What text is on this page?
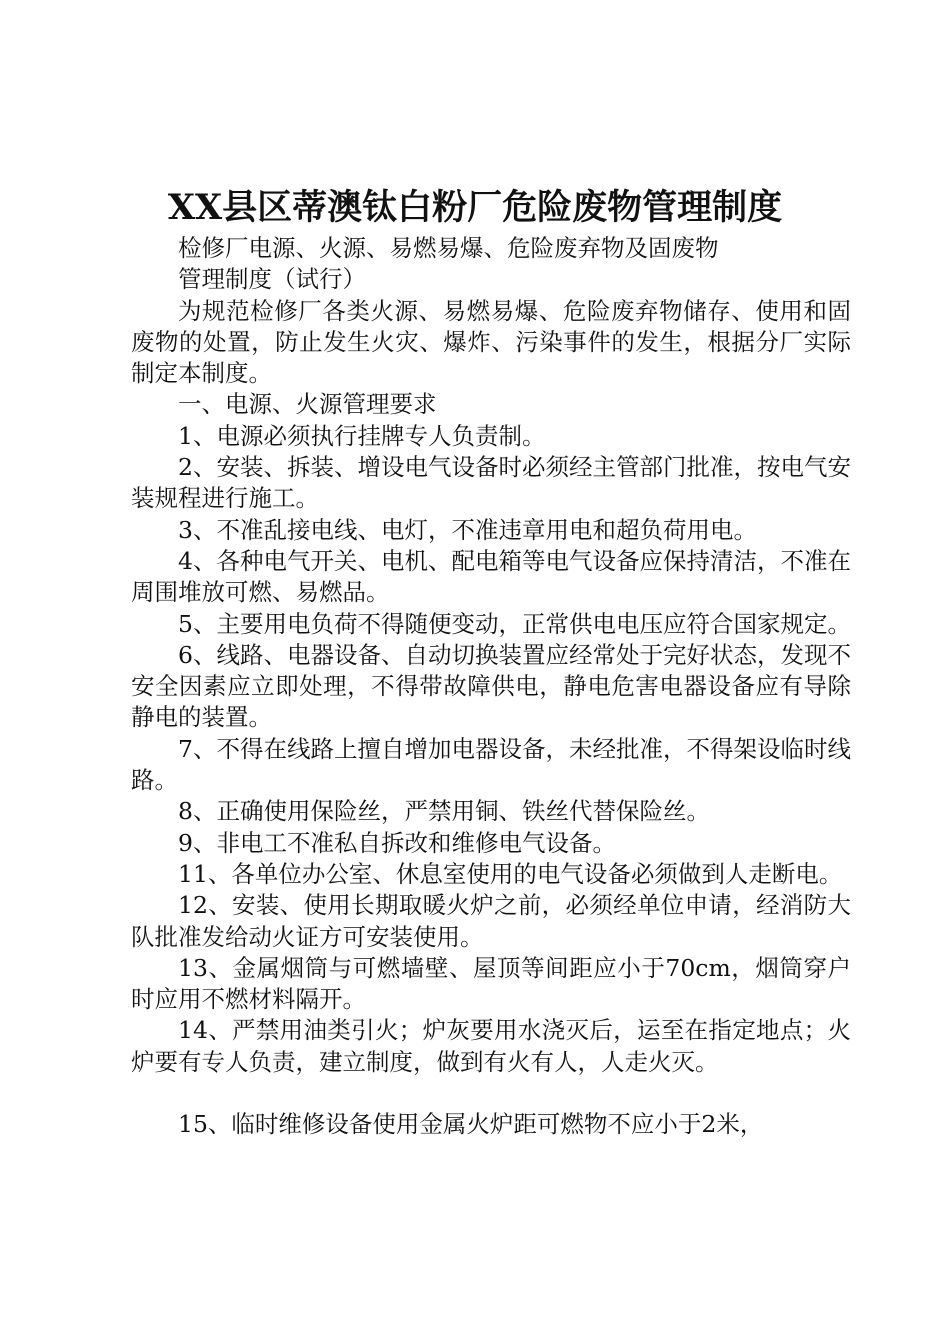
XX县区蒂澳钛白粉厂危险废物管理制度

检修厂电源、火源、易燃易爆、危险废弃物及固废物

管理制度（试行）

为规范检修厂各类火源、易燃易爆、危险废弃物储存、使用和固废物的处置，防止发生火灾、爆炸、污染事件的发生，根据分厂实际制定本制度。

一、电源、火源管理要求

1、电源必须执行挂牌专人负责制。

2、安装、拆装、增设电气设备时必须经主管部门批准，按电气安装规程进行施工。

3、不准乱接电线、电灯，不准违章用电和超负荷用电。

4、各种电气开关、电机、配电箱等电气设备应保持清洁，不准在周围堆放可燃、易燃品。

5、主要用电负荷不得随便变动，正常供电电压应符合国家规定。

6、线路、电器设备、自动切换装置应经常处于完好状态，发现不安全因素应立即处理，不得带故障供电，静电危害电器设备应有导除静电的装置。

7、不得在线路上擅自增加电器设备，未经批准，不得架设临时线路。

8、正确使用保险丝，严禁用铜、铁丝代替保险丝。

9、非电工不准私自拆改和维修电气设备。

11、各单位办公室、休息室使用的电气设备必须做到人走断电。

12、安装、使用长期取暖火炉之前，必须经单位申请，经消防大队批准发给动火证方可安装使用。

13、金属烟筒与可燃墙壁、屋顶等间距应小于70cm，烟筒穿户时应用不燃材料隔开。

14、严禁用油类引火；炉灰要用水浇灭后，运至在指定地点；火炉要有专人负责，建立制度，做到有火有人，人走火灭。

15、临时维修设备使用金属火炉距可燃物不应小于2米，
